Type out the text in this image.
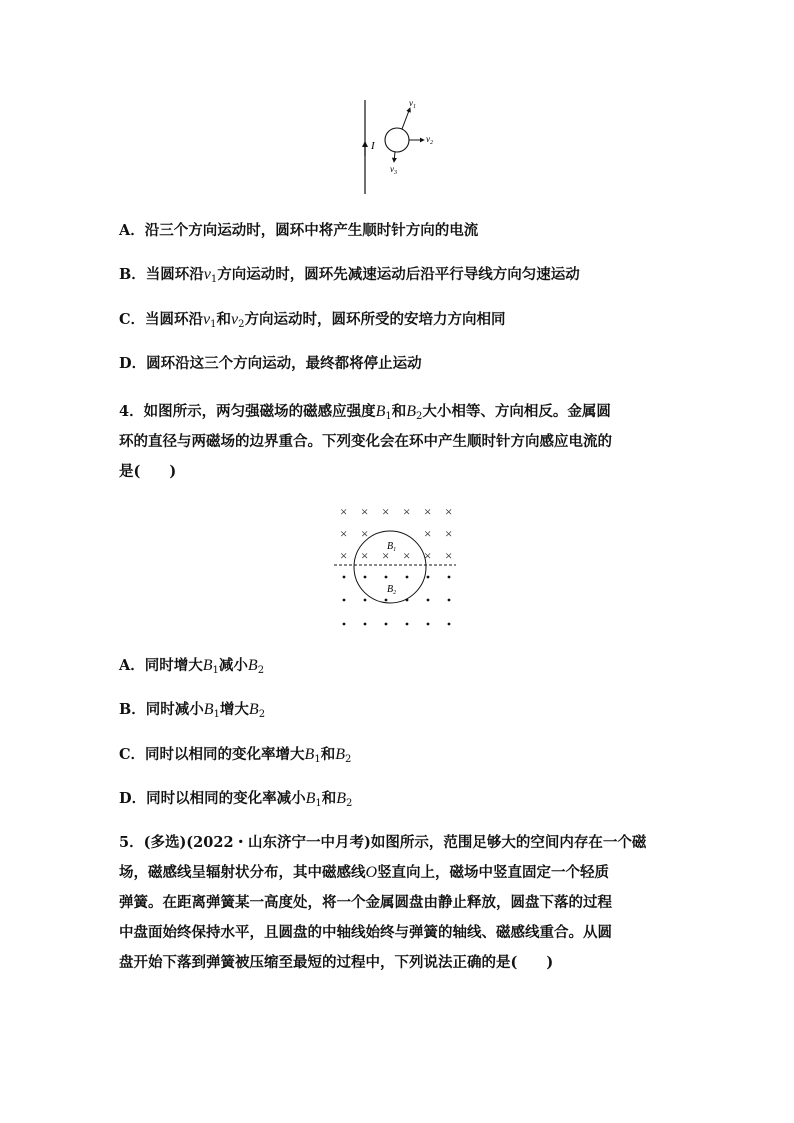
I
$v_1$
$v_2$
$v_3$
A．沿三个方向运动时，圆环中将产生顺时针方向的电流
B．当圆环沿$v_1$方向运动时，圆环先减速运动后沿平行导线方向匀速运动
C．当圆环沿$v_1$和$v_2$方向运动时，圆环所受的安培力方向相同
D．圆环沿这三个方向运动，最终都将停止运动
4．如图所示，两匀强磁场的磁感应强度$B_1$和$B_2$大小相等、方向相反。金属圆
环的直径与两磁场的边界重合。下列变化会在环中产生顺时针方向感应电流的
是(　　)
× × × × × ×
× ×	× ×
× × × × × ×
$B_1$
$B_2$
A．同时增大$B_1$减小$B_2$
B．同时减小$B_1$增大$B_2$
C．同时以相同的变化率增大$B_1$和$B_2$
D．同时以相同的变化率减小$B_1$和$B_2$
5．(多选)(2022・山东济宁一中月考)如图所示，范围足够大的空间内存在一个磁
场，磁感线呈辐射状分布，其中磁感线O竖直向上，磁场中竖直固定一个轻质
弹簧。在距离弹簧某一高度处，将一个金属圆盘由静止释放，圆盘下落的过程
中盘面始终保持水平，且圆盘的中轴线始终与弹簧的轴线、磁感线重合。从圆
盘开始下落到弹簧被压缩至最短的过程中，下列说法正确的是(　　)
